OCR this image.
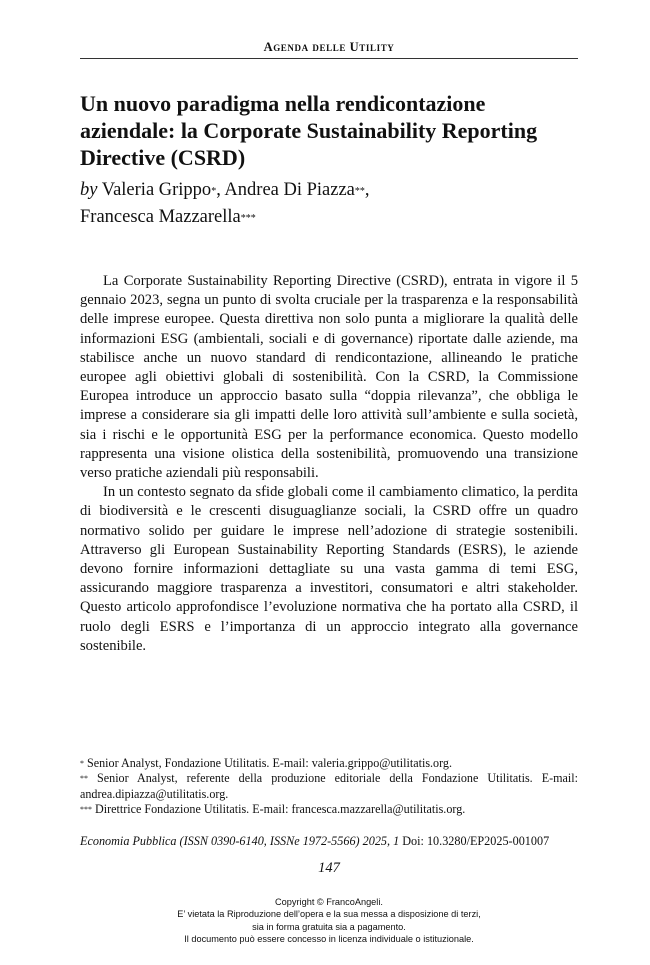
Agenda delle Utility
Un nuovo paradigma nella rendicontazione aziendale: la Corporate Sustainability Reporting Directive (CSRD)
by Valeria Grippo*, Andrea Di Piazza**,
Francesca Mazzarella***

La Corporate Sustainability Reporting Directive (CSRD), entrata in vigore il 5 gennaio 2023, segna un punto di svolta cruciale per la trasparenza e la responsabilità delle imprese europee. Questa direttiva non solo punta a migliorare la qualità delle informazioni ESG (ambientali, sociali e di governance) riportate dalle aziende, ma stabilisce anche un nuovo standard di rendicontazione, allineando le pratiche europee agli obiettivi globali di sostenibilità. Con la CSRD, la Commissione Europea introduce un approccio basato sulla “doppia rilevanza”, che obbliga le imprese a considerare sia gli impatti delle loro attività sull’ambiente e sulla società, sia i rischi e le opportunità ESG per la performance economica. Questo modello rappresenta una visione olistica della sostenibilità, promuovendo una transizione verso pratiche aziendali più responsabili.

In un contesto segnato da sfide globali come il cambiamento climatico, la perdita di biodiversità e le crescenti disuguaglianze sociali, la CSRD offre un quadro normativo solido per guidare le imprese nell’adozione di strategie sostenibili. Attraverso gli European Sustainability Reporting Standards (ESRS), le aziende devono fornire informazioni dettagliate su una vasta gamma di temi ESG, assicurando maggiore trasparenza a investitori, consumatori e altri stakeholder. Questo articolo approfondisce l’evoluzione normativa che ha portato alla CSRD, il ruolo degli ESRS e l’importanza di un approccio integrato alla governance sostenibile.

* Senior Analyst, Fondazione Utilitatis. E-mail: valeria.grippo@utilitatis.org.

** Senior Analyst, referente della produzione editoriale della Fondazione Utilitatis. E-mail: andrea.dipiazza@utilitatis.org.

*** Direttrice Fondazione Utilitatis. E-mail: francesca.mazzarella@utilitatis.org.

Economia Pubblica (ISSN 0390-6140, ISSNe 1972-5566) 2025, 1 Doi: 10.3280/EP2025-001007
147
Copyright © FrancoAngeli.
E’ vietata la Riproduzione dell’opera e la sua messa a disposizione di terzi,
sia in forma gratuita sia a pagamento.
Il documento può essere concesso in licenza individuale o istituzionale.
